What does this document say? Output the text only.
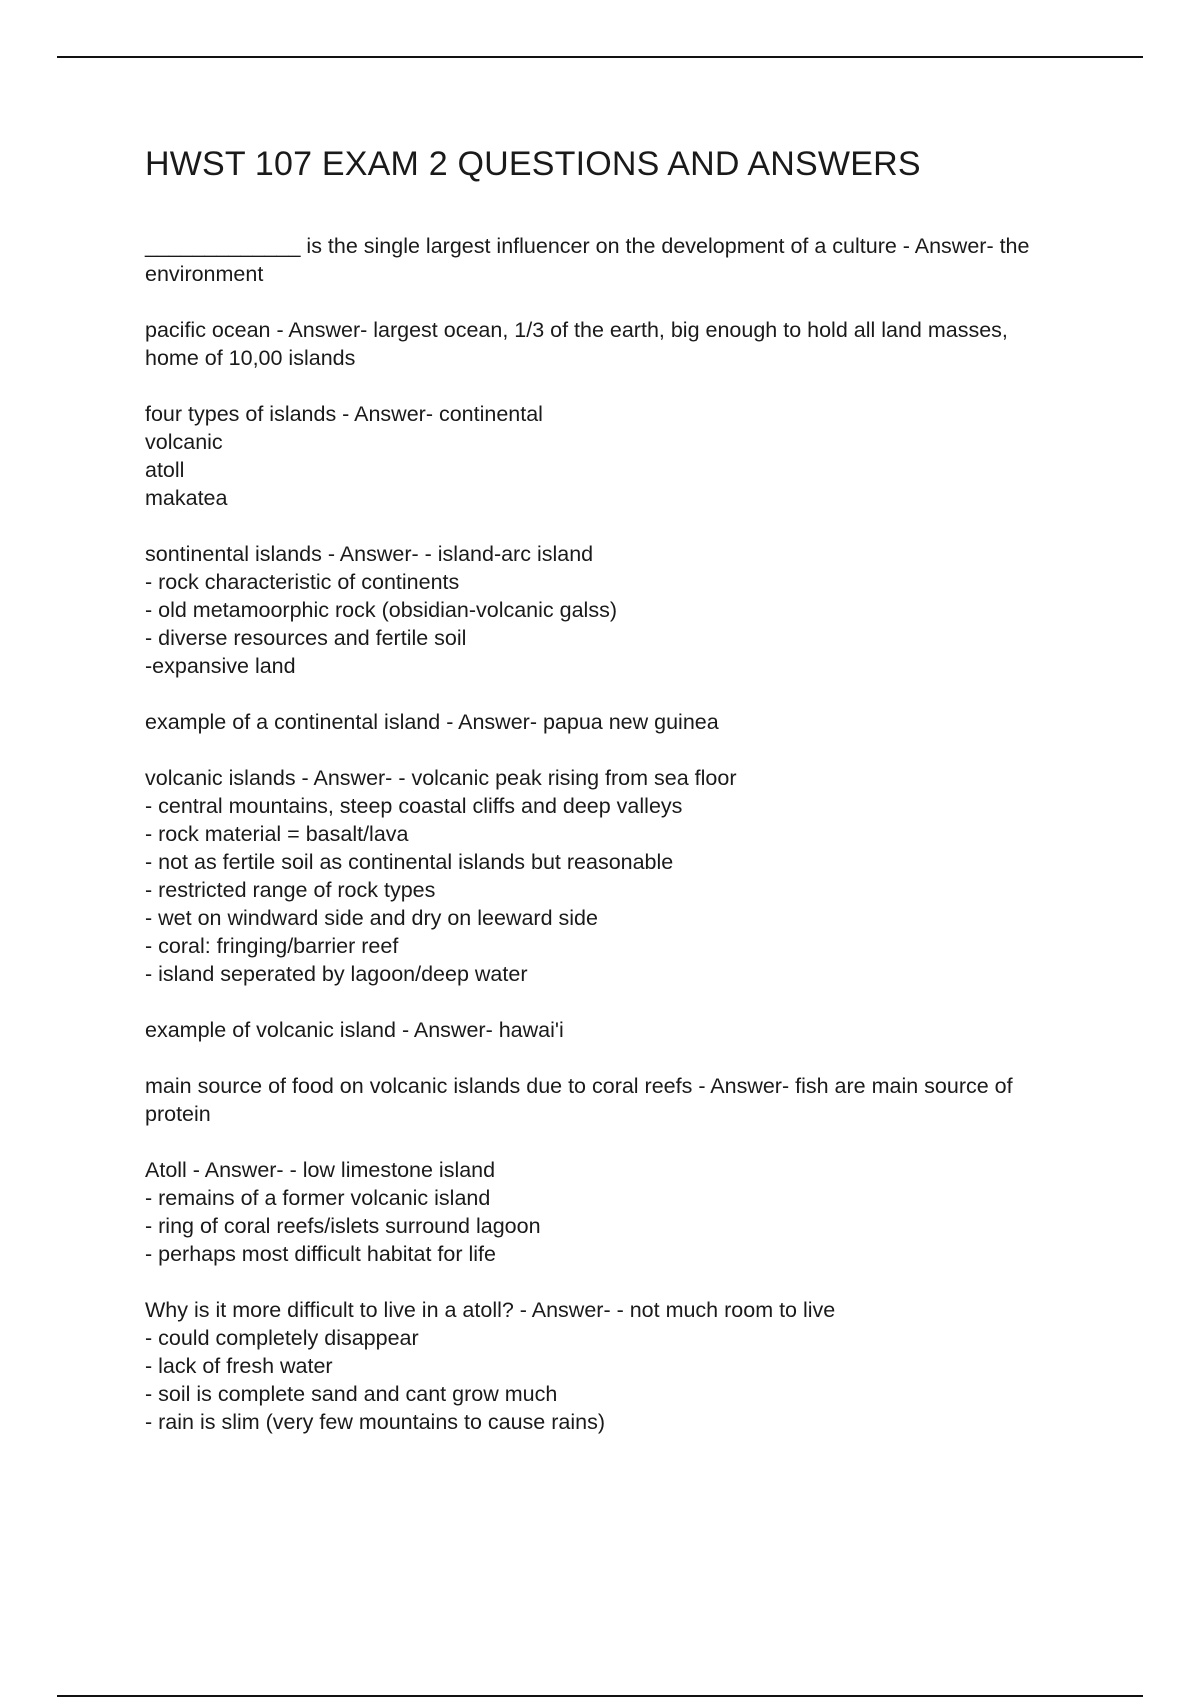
HWST 107 EXAM 2 QUESTIONS AND ANSWERS

_____________ is the single largest influencer on the development of a culture - Answer- the environment

pacific ocean - Answer- largest ocean, 1/3 of the earth, big enough to hold all land masses, home of 10,00 islands

four types of islands - Answer- continental
volcanic
atoll
makatea

sontinental islands - Answer- - island-arc island
- rock characteristic of continents
- old metamoorphic rock (obsidian-volcanic galss)
- diverse resources and fertile soil
-expansive land

example of a continental island - Answer- papua new guinea

volcanic islands - Answer- - volcanic peak rising from sea floor
- central mountains, steep coastal cliffs and deep valleys
- rock material = basalt/lava
- not as fertile soil as continental islands but reasonable
- restricted range of rock types
- wet on windward side and dry on leeward side
- coral: fringing/barrier reef
- island seperated by lagoon/deep water

example of volcanic island - Answer- hawai'i

main source of food on volcanic islands due to coral reefs - Answer- fish are main source of protein

Atoll - Answer- - low limestone island
- remains of a former volcanic island
- ring of coral reefs/islets surround lagoon
- perhaps most difficult habitat for life

Why is it more difficult to live in a atoll? - Answer- - not much room to live
- could completely disappear
- lack of fresh water
- soil is complete sand and cant grow much
- rain is slim (very few mountains to cause rains)
